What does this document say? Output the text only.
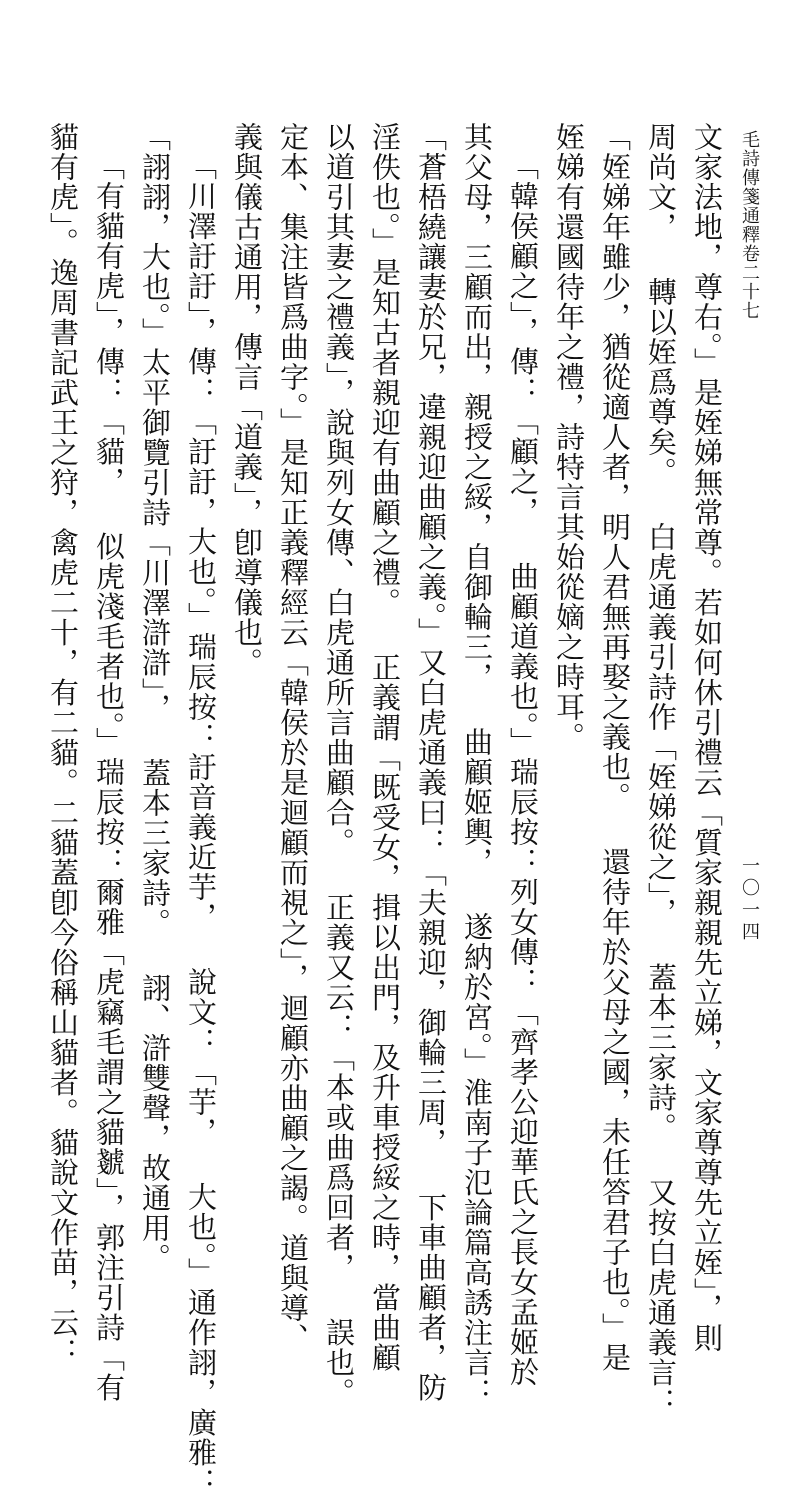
毛詩傳箋通釋卷二十七

一〇一四

文家法地，尊右。」是姪娣無常尊。若如何休引禮云「質家親親先立娣，文家尊尊先立姪」，則

周尚文， 轉以姪爲尊矣。 白虎通義引詩作「姪娣從之」， 蓋本三家詩。 又按白虎通義言：

「姪娣年雖少，猶從適人者，明人君無再娶之義也。 還待年於父母之國，未任答君子也。」是

姪娣有還國待年之禮，詩特言其始從嫡之時耳。

「韓侯顧之」，傳：「顧之， 曲顧道義也。」瑞辰按：列女傳：「齊孝公迎華氏之長女孟姬於

其父母，三顧而出，親授之綏，自御輪三， 曲顧姬輿， 遂納於宮。」淮南子氾論篇高誘注言：

「蒼梧繞讓妻於兄，違親迎曲顧之義。」又白虎通義曰：「夫親迎，御輪三周， 下車曲顧者，防

淫佚也。」是知古者親迎有曲顧之禮。 正義謂「既受女，揖以出門，及升車授綏之時，當曲顧

以道引其妻之禮義」，說與列女傳、白虎通所言曲顧合。 正義又云：「本或曲爲回者， 誤也。

定本、集注皆爲曲字。」是知正義釋經云「韓侯於是迴顧而視之」，迴顧亦曲顧之謁。道與導、

義與儀古通用，傳言「道義」，卽導儀也。

「川澤訏訏」，傳：「訏訏，大也。」瑞辰按：訏音義近芋， 說文：「芋， 大也。」通作詡，廣雅：

「詡詡，大也。」太平御覽引詩「川澤滸滸」， 蓋本三家詩。 詡、滸雙聲，故通用。

「有貓有虎」，傳：「貓， 似虎淺毛者也。」瑞辰按：爾雅「虎竊毛謂之貓虦」，郭注引詩「有

貓有虎」。逸周書記武王之狩，禽虎二十，有二貓。二貓蓋卽今俗稱山貓者。貓說文作苗，云：
